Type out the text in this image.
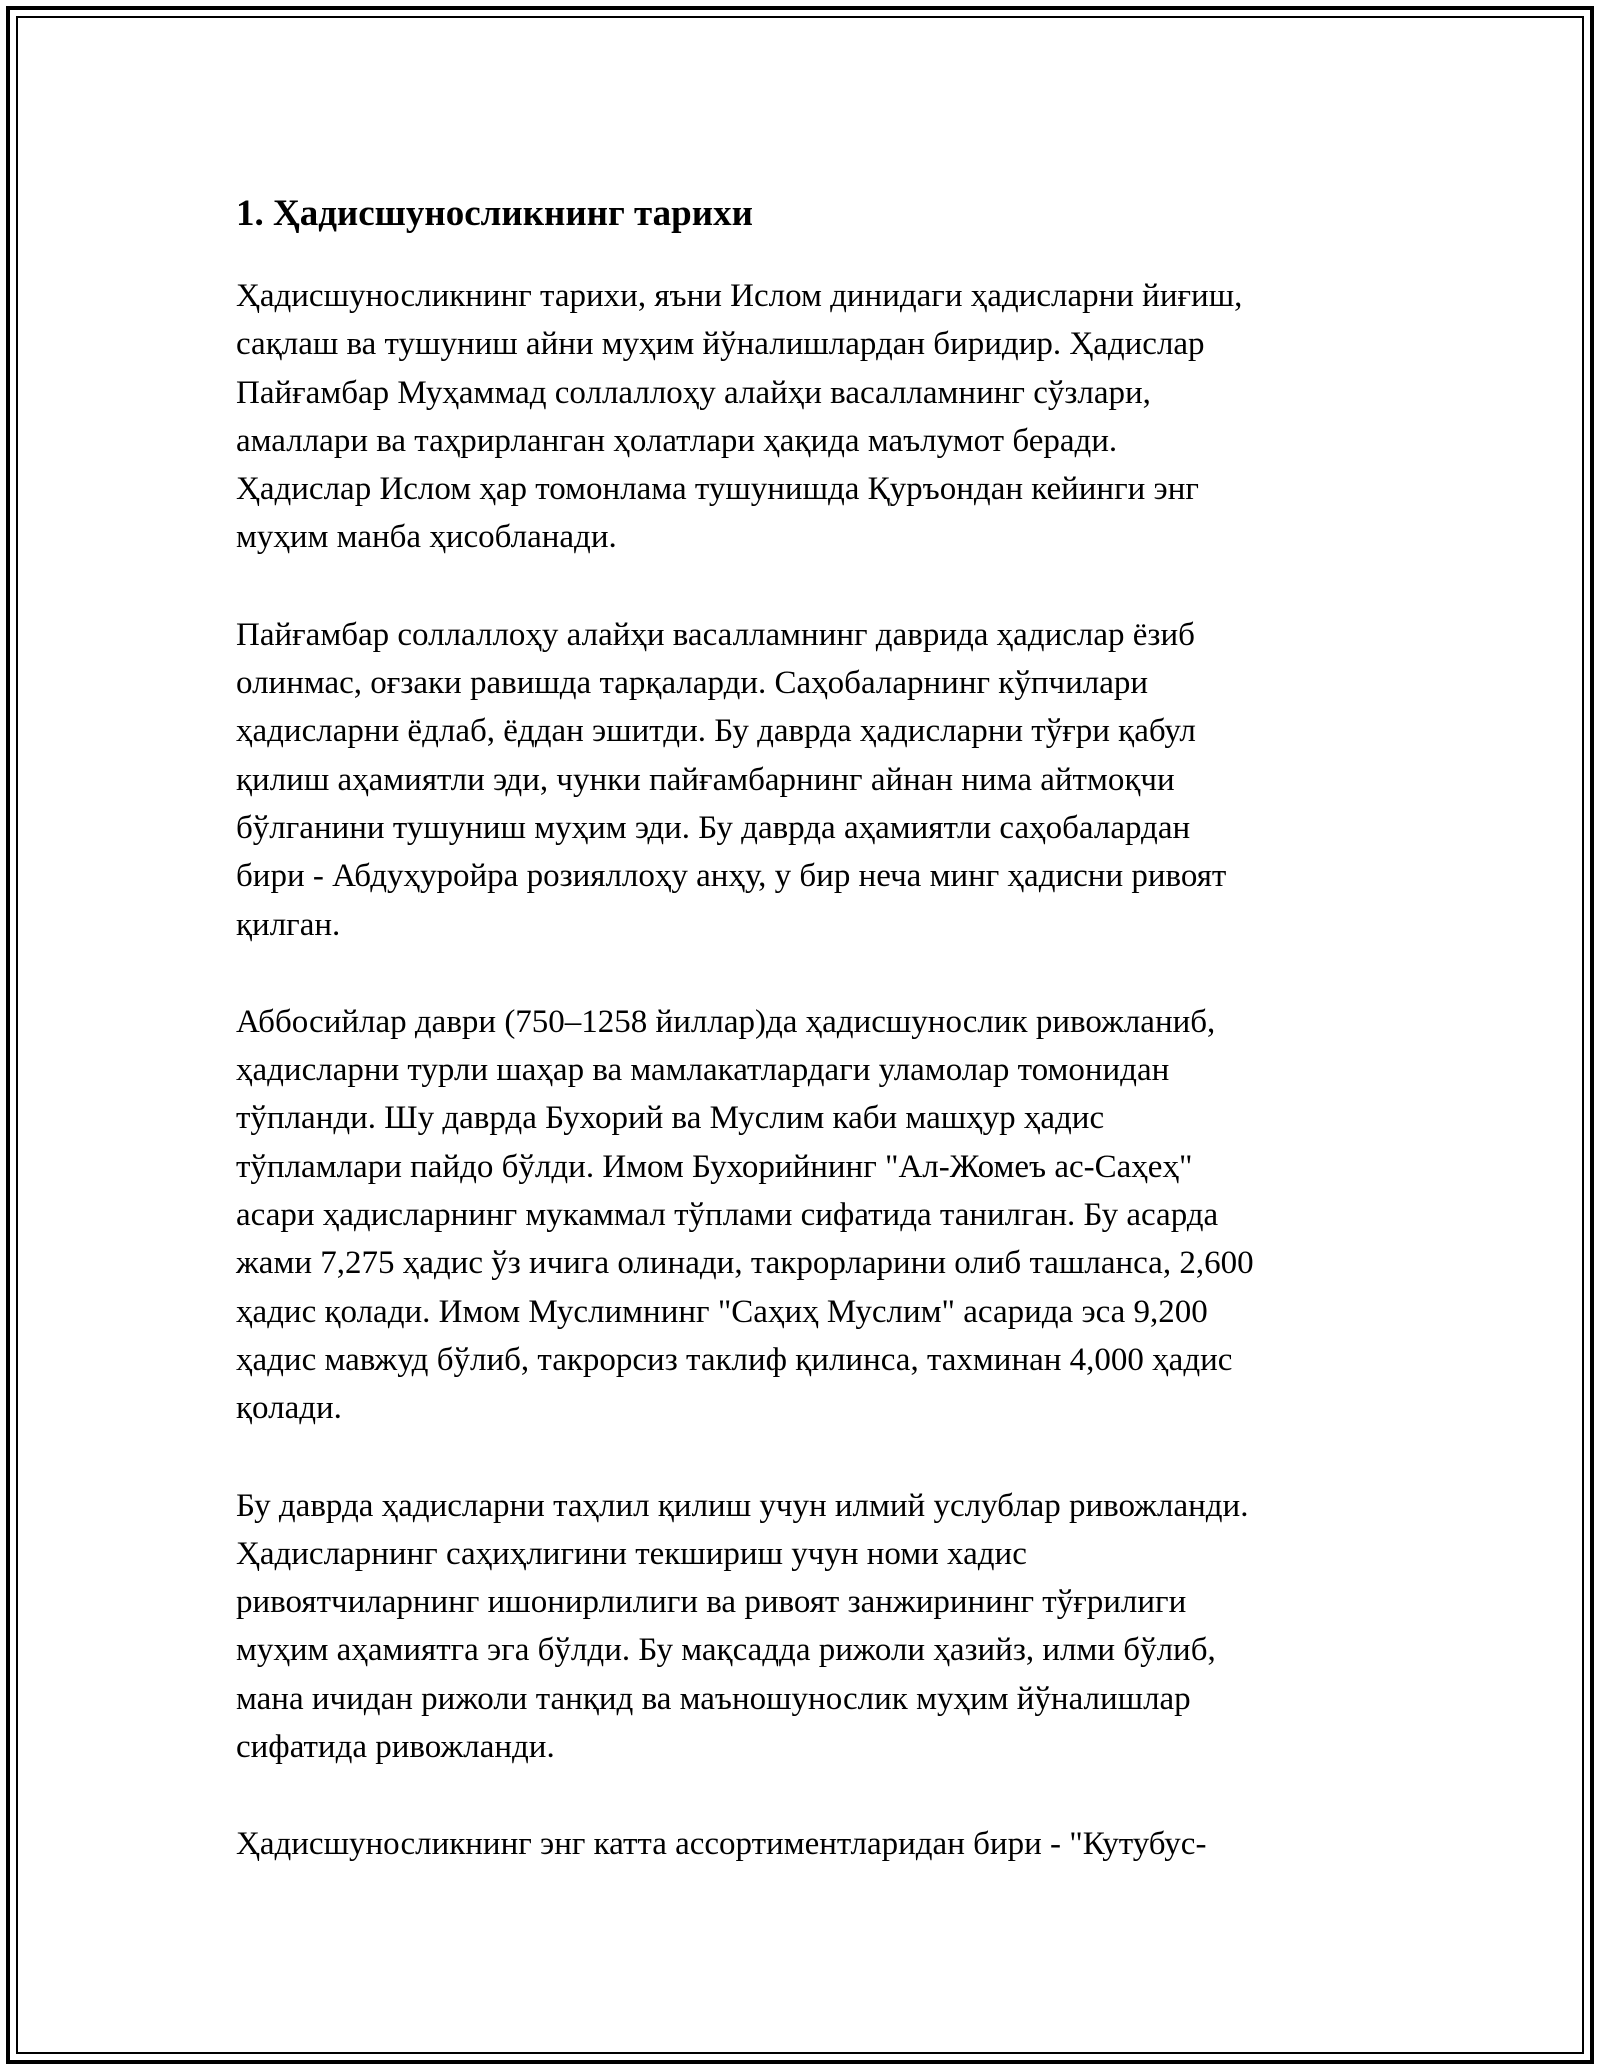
1. Ҳадисшуносликнинг тарихи
Ҳадисшуносликнинг тарихи, яъни Ислом динидаги ҳадисларни йиғиш,
сақлаш ва тушуниш айни муҳим йўналишлардан биридир. Ҳадислар
Пайғамбар Муҳаммад соллаллоҳу алайҳи васалламнинг сўзлари,
амаллари ва таҳрирланган ҳолатлари ҳақида маълумот беради.
Ҳадислар Ислом ҳар томонлама тушунишда Қуръондан кейинги энг
муҳим манба ҳисобланади.
Пайғамбар соллаллоҳу алайҳи васалламнинг даврида ҳадислар ёзиб
олинмас, оғзаки равишда тарқаларди. Саҳобаларнинг кўпчилари
ҳадисларни ёдлаб, ёддан эшитди. Бу даврда ҳадисларни тўғри қабул
қилиш аҳамиятли эди, чунки пайғамбарнинг айнан нима айтмоқчи
бўлганини тушуниш муҳим эди. Бу даврда аҳамиятли саҳобалардан
бири - Абдуҳуройра розияллоҳу анҳу, у бир неча минг ҳадисни ривоят
қилган.
Аббосийлар даври (750–1258 йиллар)да ҳадисшунослик ривожланиб,
ҳадисларни турли шаҳар ва мамлакатлардаги уламолар томонидан
тўпланди. Шу даврда Бухорий ва Муслим каби машҳур ҳадис
тўпламлари пайдо бўлди. Имом Бухорийнинг "Ал-Жомеъ ас-Саҳеҳ"
асари ҳадисларнинг мукаммал тўплами сифатида танилган. Бу асарда
жами 7,275 ҳадис ўз ичига олинади, такрорларини олиб ташланса, 2,600
ҳадис қолади. Имом Муслимнинг "Саҳиҳ Муслим" асарида эса 9,200
ҳадис мавжуд бўлиб, такрорсиз таклиф қилинса, тахминан 4,000 ҳадис
қолади.
Бу даврда ҳадисларни таҳлил қилиш учун илмий услублар ривожланди.
Ҳадисларнинг саҳиҳлигини текшириш учун номи хадис
ривоятчиларнинг ишонирлилиги ва ривоят занжирининг тўғрилиги
муҳим аҳамиятга эга бўлди. Бу мақсадда рижоли ҳазийз, илми бўлиб,
мана ичидан рижоли танқид ва маъношунослик муҳим йўналишлар
сифатида ривожланди.
Ҳадисшуносликнинг энг катта ассортиментларидан бири - "Кутубус-
